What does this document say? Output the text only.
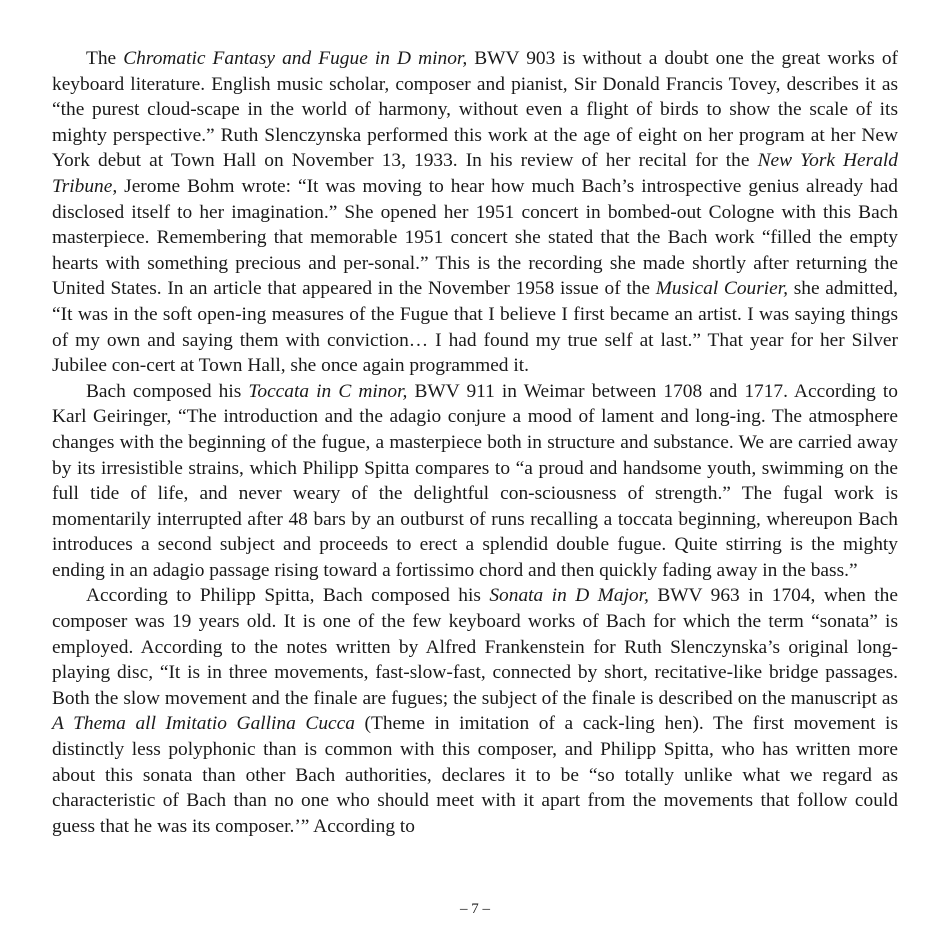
The Chromatic Fantasy and Fugue in D minor, BWV 903 is without a doubt one the great works of keyboard literature. English music scholar, composer and pianist, Sir Donald Francis Tovey, describes it as “the purest cloud-scape in the world of harmony, without even a flight of birds to show the scale of its mighty perspective.” Ruth Slenczynska performed this work at the age of eight on her program at her New York debut at Town Hall on November 13, 1933. In his review of her recital for the New York Herald Tribune, Jerome Bohm wrote: “It was moving to hear how much Bach’s introspective genius already had disclosed itself to her imagination.” She opened her 1951 concert in bombed-out Cologne with this Bach masterpiece. Remembering that memorable 1951 concert she stated that the Bach work “filled the empty hearts with something precious and per-sonal.” This is the recording she made shortly after returning the United States. In an article that appeared in the November 1958 issue of the Musical Courier, she admitted, “It was in the soft open-ing measures of the Fugue that I believe I first became an artist. I was saying things of my own and saying them with conviction… I had found my true self at last.” That year for her Silver Jubilee con-cert at Town Hall, she once again programmed it.

Bach composed his Toccata in C minor, BWV 911 in Weimar between 1708 and 1717. According to Karl Geiringer, “The introduction and the adagio conjure a mood of lament and long-ing. The atmosphere changes with the beginning of the fugue, a masterpiece both in structure and substance. We are carried away by its irresistible strains, which Philipp Spitta compares to “a proud and handsome youth, swimming on the full tide of life, and never weary of the delightful con-sciousness of strength.” The fugal work is momentarily interrupted after 48 bars by an outburst of runs recalling a toccata beginning, whereupon Bach introduces a second subject and proceeds to erect a splendid double fugue. Quite stirring is the mighty ending in an adagio passage rising toward a fortissimo chord and then quickly fading away in the bass.”

According to Philipp Spitta, Bach composed his Sonata in D Major, BWV 963 in 1704, when the composer was 19 years old. It is one of the few keyboard works of Bach for which the term “sonata” is employed. According to the notes written by Alfred Frankenstein for Ruth Slenczynska’s original long-playing disc, “It is in three movements, fast-slow-fast, connected by short, recitative-like bridge passages. Both the slow movement and the finale are fugues; the subject of the finale is described on the manuscript as A Thema all Imitatio Gallina Cucca (Theme in imitation of a cack-ling hen). The first movement is distinctly less polyphonic than is common with this composer, and Philipp Spitta, who has written more about this sonata than other Bach authorities, declares it to be “so totally unlike what we regard as characteristic of Bach than no one who should meet with it apart from the movements that follow could guess that he was its composer.’” According to

– 7 –
